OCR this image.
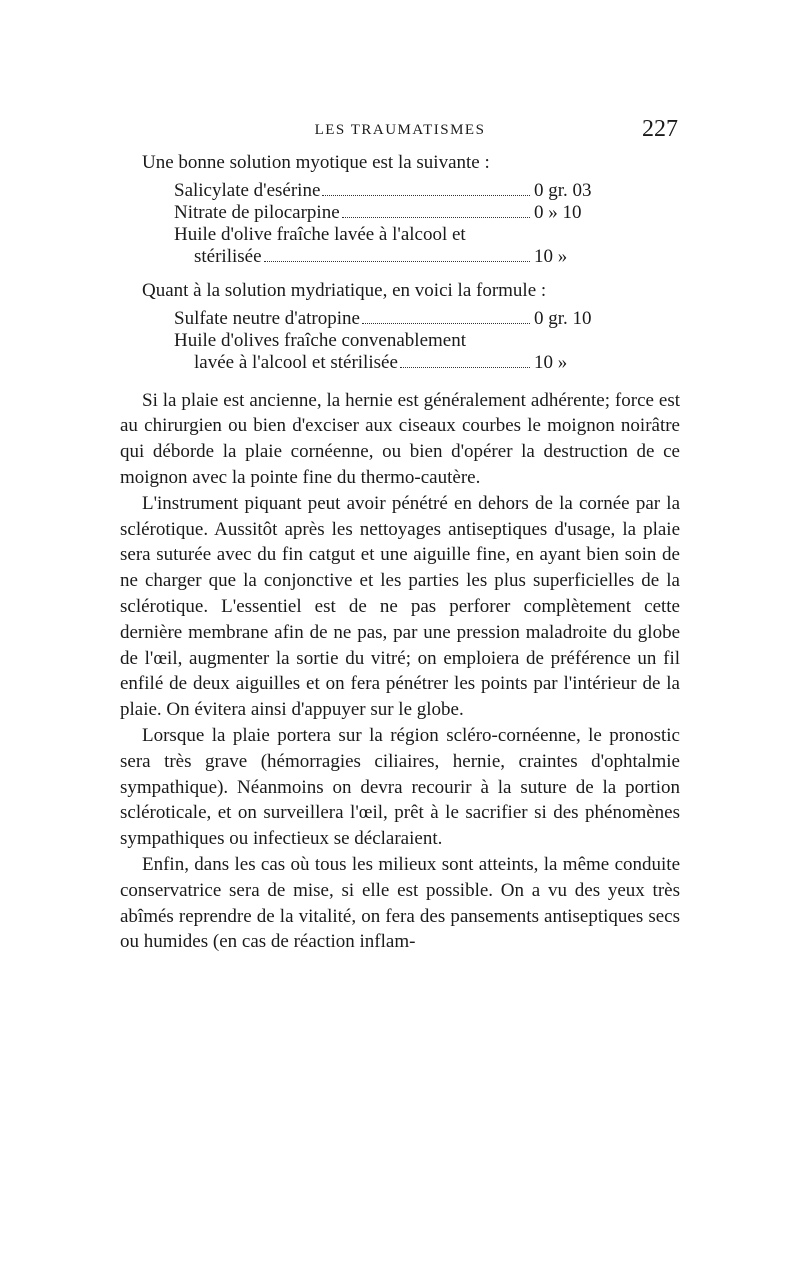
LES TRAUMATISMES	227

Une bonne solution myotique est la suivante :

Salicylate d'esérine	0 gr. 03
Nitrate de pilocarpine	0 » 10
Huile d'olive fraîche lavée à l'alcool et
stérilisée	10 »

Quant à la solution mydriatique, en voici la formule :

Sulfate neutre d'atropine	0 gr. 10
Huile d'olives fraîche convenablement
lavée à l'alcool et stérilisée	10 »

Si la plaie est ancienne, la hernie est généralement adhérente; force est au chirurgien ou bien d'exciser aux ciseaux courbes le moignon noirâtre qui déborde la plaie cornéenne, ou bien d'opérer la destruction de ce moignon avec la pointe fine du thermo-cautère.

L'instrument piquant peut avoir pénétré en dehors de la cornée par la sclérotique. Aussitôt après les nettoyages antiseptiques d'usage, la plaie sera suturée avec du fin catgut et une aiguille fine, en ayant bien soin de ne charger que la conjonctive et les parties les plus superficielles de la sclérotique. L'essentiel est de ne pas perforer complètement cette dernière membrane afin de ne pas, par une pression maladroite du globe de l'œil, augmenter la sortie du vitré; on emploiera de préférence un fil enfilé de deux aiguilles et on fera pénétrer les points par l'intérieur de la plaie. On évitera ainsi d'appuyer sur le globe.

Lorsque la plaie portera sur la région scléro-cornéenne, le pronostic sera très grave (hémorragies ciliaires, hernie, craintes d'ophtalmie sympathique). Néanmoins on devra recourir à la suture de la portion scléroticale, et on surveillera l'œil, prêt à le sacrifier si des phénomènes sympathiques ou infectieux se déclaraient.

Enfin, dans les cas où tous les milieux sont atteints, la même conduite conservatrice sera de mise, si elle est possible. On a vu des yeux très abîmés reprendre de la vitalité, on fera des pansements antiseptiques secs ou humides (en cas de réaction inflam-
